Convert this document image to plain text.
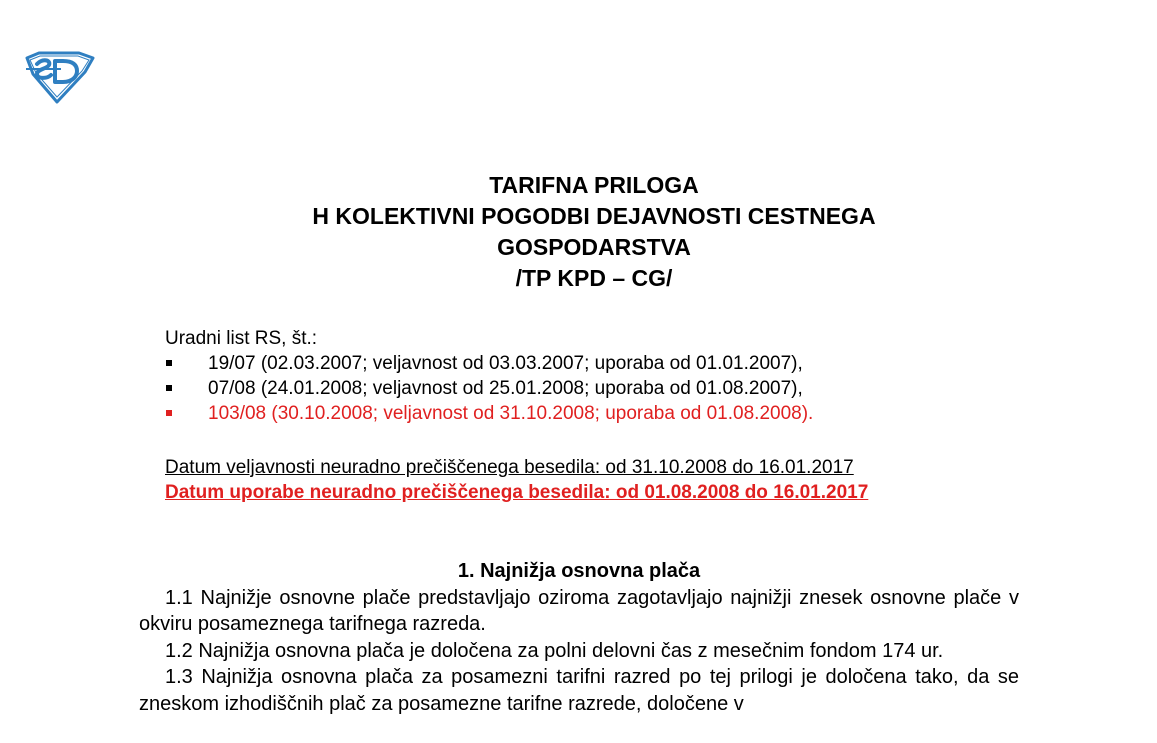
TARIFNA PRILOGA
H KOLEKTIVNI POGODBI DEJAVNOSTI CESTNEGA
GOSPODARSTVA
/TP KPD – CG/
Uradni list RS, št.:
19/07 (02.03.2007; veljavnost od 03.03.2007; uporaba od 01.01.2007),
07/08 (24.01.2008; veljavnost od 25.01.2008; uporaba od 01.08.2007),
103/08 (30.10.2008; veljavnost od 31.10.2008; uporaba od 01.08.2008).
Datum veljavnosti neuradno prečiščenega besedila: od 31.10.2008 do 16.01.2017
Datum uporabe neuradno prečiščenega besedila: od 01.08.2008 do 16.01.2017
1. Najnižja osnovna plača

1.1 Najnižje osnovne plače predstavljajo oziroma zagotavljajo najnižji znesek osnovne plače v okviru posameznega tarifnega razreda.

1.2 Najnižja osnovna plača je določena za polni delovni čas z mesečnim fondom 174 ur.

1.3 Najnižja osnovna plača za posamezni tarifni razred po tej prilogi je določena tako, da se zneskom izhodiščnih plač za posamezne tarifne razrede, določene v
